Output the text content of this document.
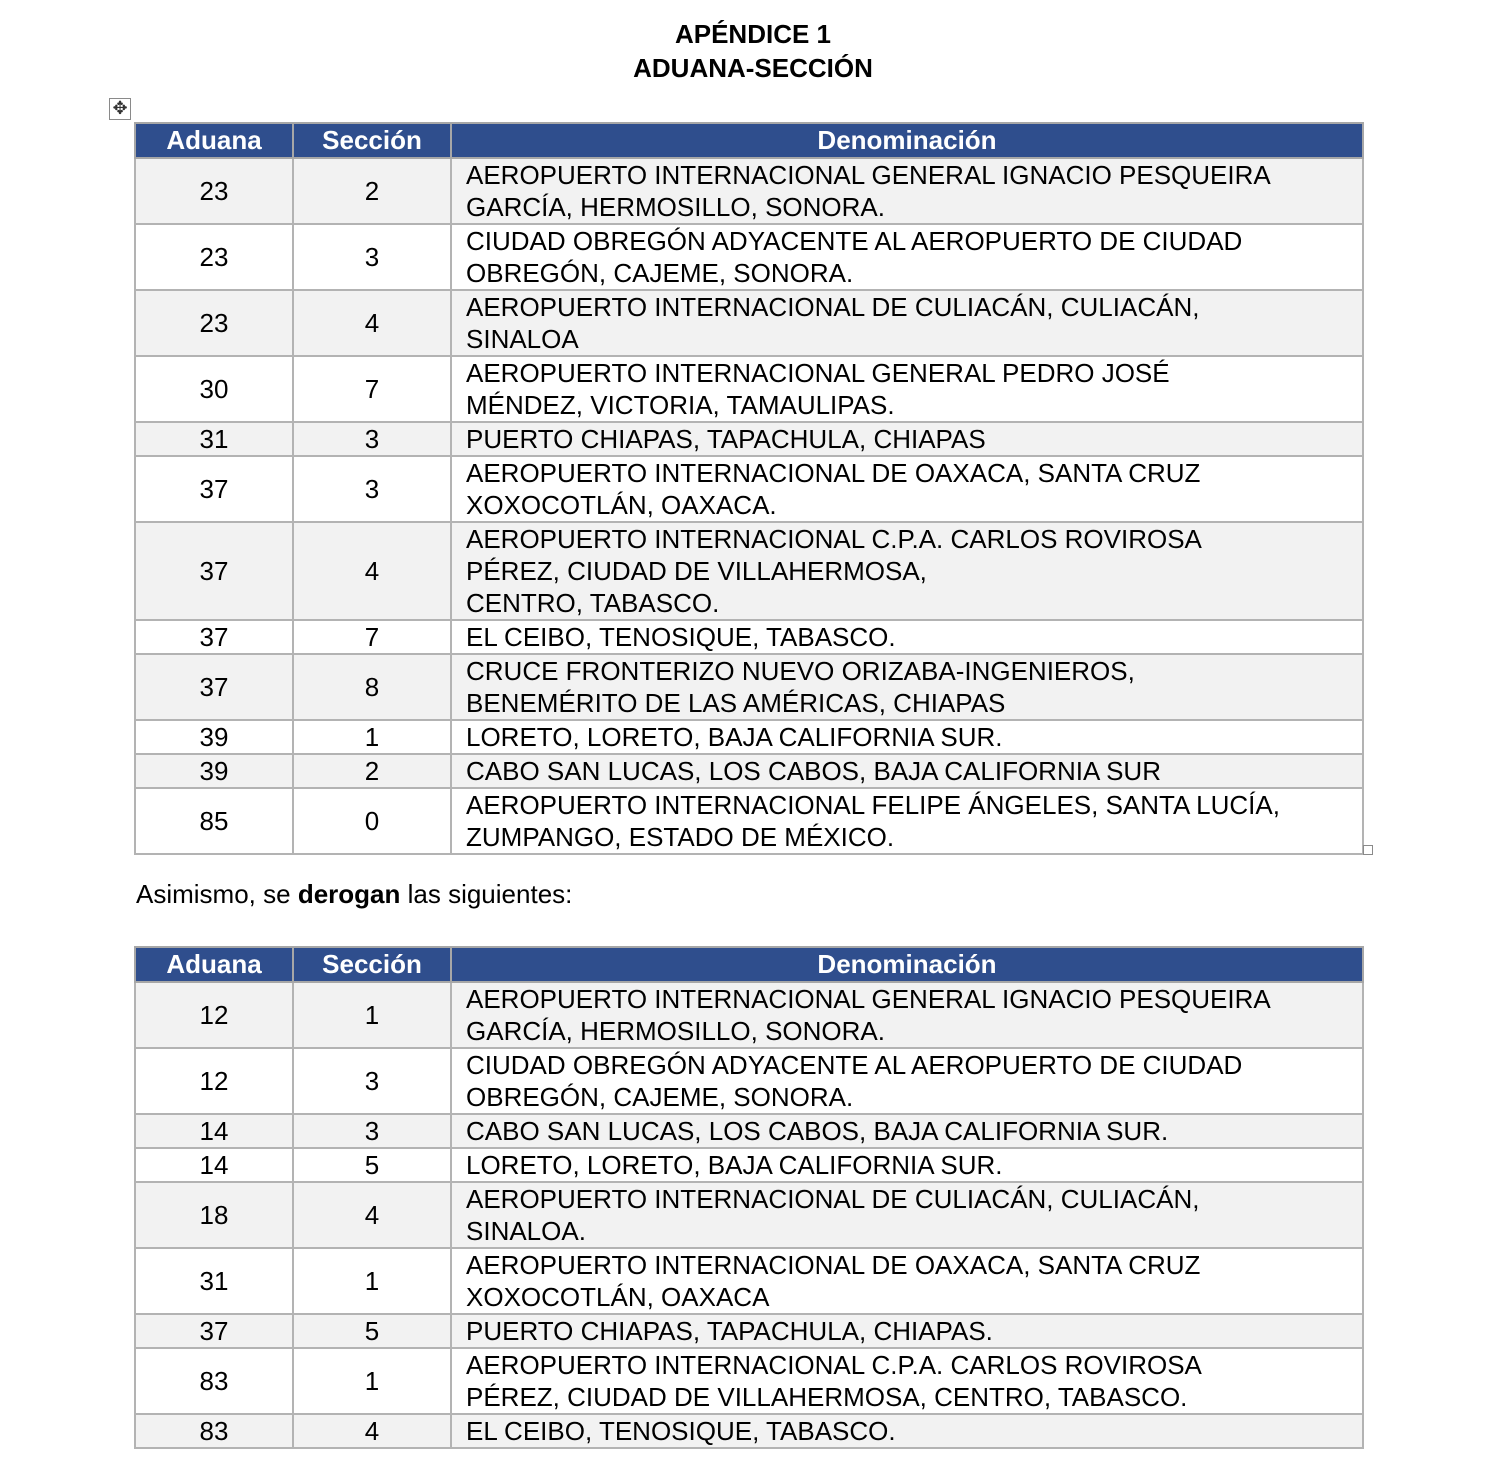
APÉNDICE 1
ADUANA-SECCIÓN
✥
Aduana	Sección	Denominación
23	2	AEROPUERTO INTERNACIONAL GENERAL IGNACIO PESQUEIRA
GARCÍA, HERMOSILLO, SONORA.

23	3	CIUDAD OBREGÓN ADYACENTE AL AEROPUERTO DE CIUDAD
OBREGÓN, CAJEME, SONORA.

23	4	AEROPUERTO INTERNACIONAL DE CULIACÁN, CULIACÁN,
SINALOA

30	7	AEROPUERTO INTERNACIONAL GENERAL PEDRO JOSÉ
MÉNDEZ, VICTORIA, TAMAULIPAS.

31	3	PUERTO CHIAPAS, TAPACHULA, CHIAPAS

37	3	AEROPUERTO INTERNACIONAL DE OAXACA, SANTA CRUZ
XOXOCOTLÁN, OAXACA.

37	4	AEROPUERTO INTERNACIONAL C.P.A. CARLOS ROVIROSA
PÉREZ, CIUDAD DE VILLAHERMOSA,
CENTRO, TABASCO.

37	7	EL CEIBO, TENOSIQUE, TABASCO.

37	8	CRUCE FRONTERIZO NUEVO ORIZABA-INGENIEROS,
BENEMÉRITO DE LAS AMÉRICAS, CHIAPAS

39	1	LORETO, LORETO, BAJA CALIFORNIA SUR.

39	2	CABO SAN LUCAS, LOS CABOS, BAJA CALIFORNIA SUR

85	0	AEROPUERTO INTERNACIONAL FELIPE ÁNGELES, SANTA LUCÍA,
ZUMPANGO, ESTADO DE MÉXICO.
Asimismo, se derogan las siguientes:
Aduana	Sección	Denominación
12	1	AEROPUERTO INTERNACIONAL GENERAL IGNACIO PESQUEIRA
GARCÍA, HERMOSILLO, SONORA.

12	3	CIUDAD OBREGÓN ADYACENTE AL AEROPUERTO DE CIUDAD
OBREGÓN, CAJEME, SONORA.

14	3	CABO SAN LUCAS, LOS CABOS, BAJA CALIFORNIA SUR.

14	5	LORETO, LORETO, BAJA CALIFORNIA SUR.

18	4	AEROPUERTO INTERNACIONAL DE CULIACÁN, CULIACÁN,
SINALOA.

31	1	AEROPUERTO INTERNACIONAL DE OAXACA, SANTA CRUZ
XOXOCOTLÁN, OAXACA

37	5	PUERTO CHIAPAS, TAPACHULA, CHIAPAS.

83	1	AEROPUERTO INTERNACIONAL C.P.A. CARLOS ROVIROSA
PÉREZ, CIUDAD DE VILLAHERMOSA, CENTRO, TABASCO.

83	4	EL CEIBO, TENOSIQUE, TABASCO.
